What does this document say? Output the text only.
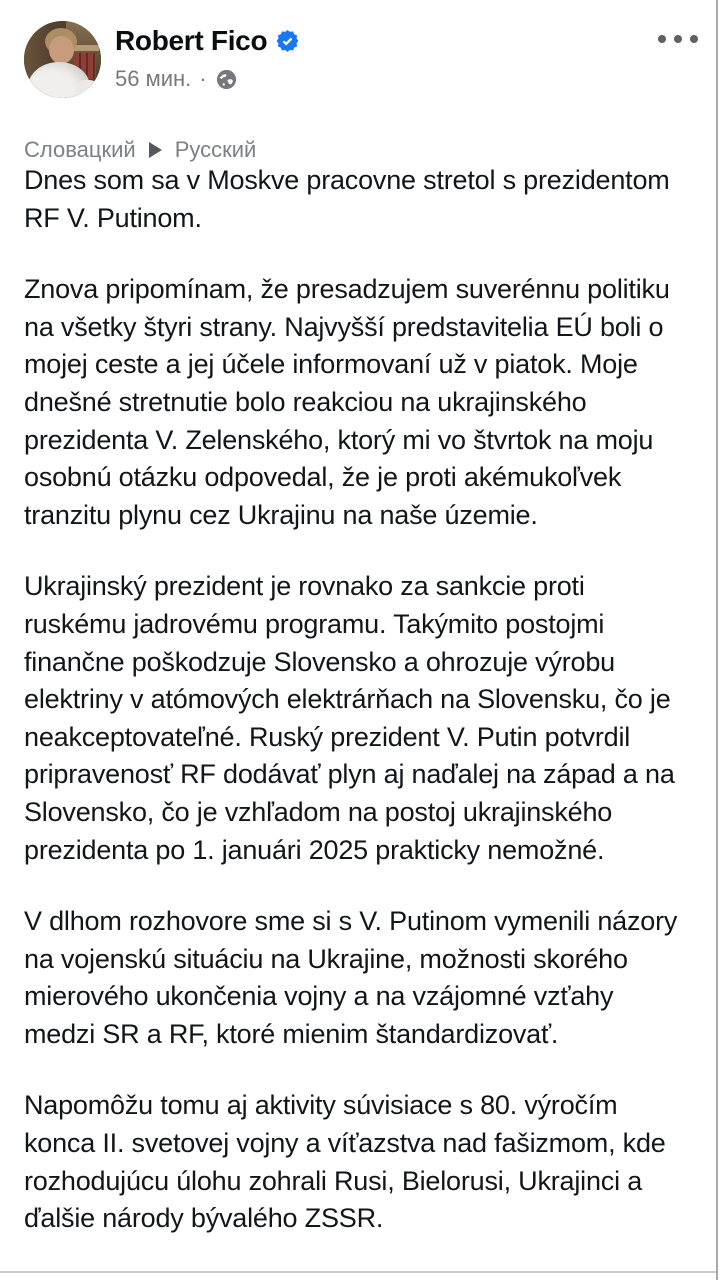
Robert Fico
56 мин. ·
Словацкий Русский

Dnes som sa v Moskve pracovne stretol s prezidentom RF V. Putinom.

Znova pripomínam, že presadzujem suverénnu politiku na všetky štyri strany. Najvyšší predstavitelia EÚ boli o mojej ceste a jej účele informovaní už v piatok. Moje dnešné stretnutie bolo reakciou na ukrajinského prezidenta V. Zelenského, ktorý mi vo štvrtok na moju osobnú otázku odpovedal, že je proti akémukoľvek tranzitu plynu cez Ukrajinu na naše územie.

Ukrajinský prezident je rovnako za sankcie proti ruskému jadrovému programu. Takýmito postojmi finančne poškodzuje Slovensko a ohrozuje výrobu elektriny v atómových elektrárňach na Slovensku, čo je neakceptovateľné. Ruský prezident V. Putin potvrdil pripravenosť RF dodávať plyn aj naďalej na západ a na Slovensko, čo je vzhľadom na postoj ukrajinského prezidenta po 1. januári 2025 prakticky nemožné.

V dlhom rozhovore sme si s V. Putinom vymenili názory na vojenskú situáciu na Ukrajine, možnosti skorého mierového ukončenia vojny a na vzájomné vzťahy medzi SR a RF, ktoré mienim štandardizovať.

Napomôžu tomu aj aktivity súvisiace s 80. výročím konca II. svetovej vojny a víťazstva nad fašizmom, kde rozhodujúcu úlohu zohrali Rusi, Bielorusi, Ukrajinci a ďalšie národy bývalého ZSSR.
